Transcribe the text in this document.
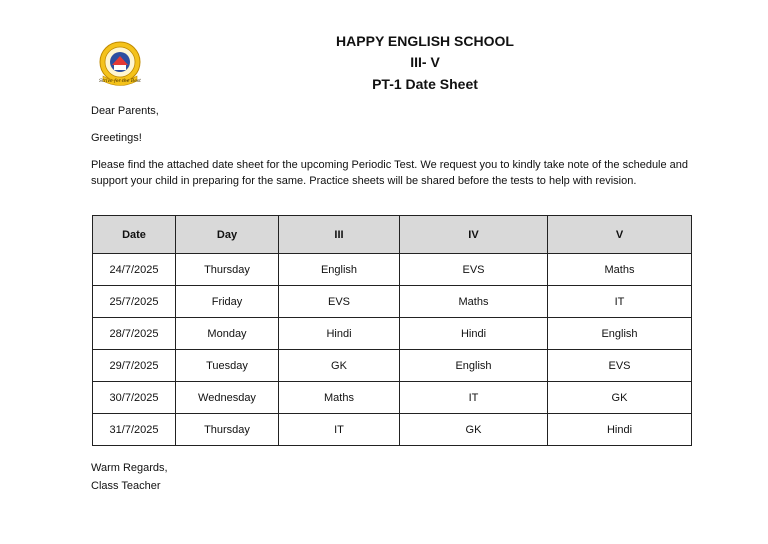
Strive for the Best
HAPPY ENGLISH SCHOOL
III- V
PT-1 Date Sheet
Dear Parents,
Greetings!
Please find the attached date sheet for the upcoming Periodic Test. We request you to kindly take note of the schedule and support your child in preparing for the same. Practice sheets will be shared before the tests to help with revision.
Date	Day	III	IV	V
24/7/2025	Thursday	English	EVS	Maths
25/7/2025	Friday	EVS	Maths	IT
28/7/2025	Monday	Hindi	Hindi	English
29/7/2025	Tuesday	GK	English	EVS
30/7/2025	Wednesday	Maths	IT	GK
31/7/2025	Thursday	IT	GK	Hindi
Warm Regards,
Class Teacher
